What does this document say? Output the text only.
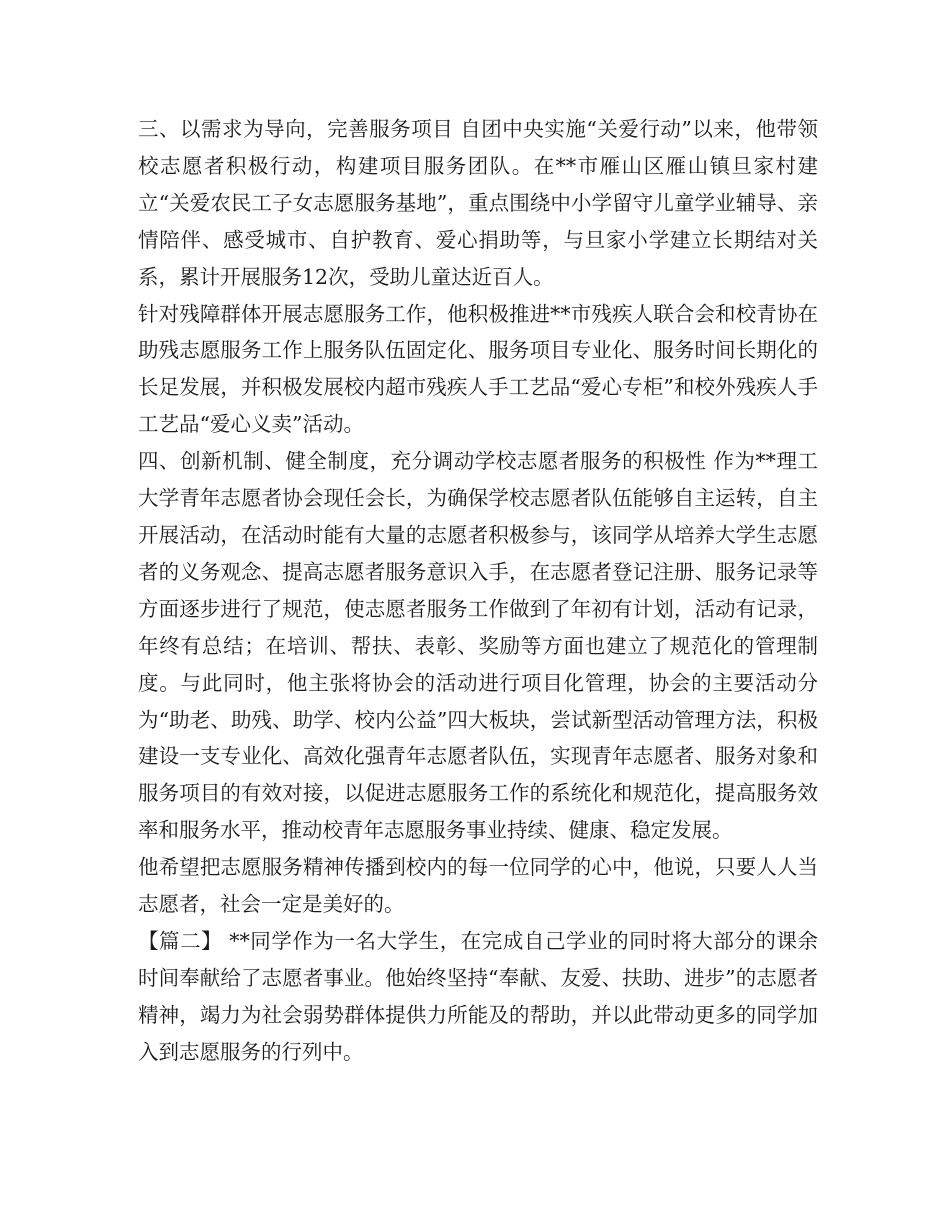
三、以需求为导向，完善服务项目 自团中央实施“关爱行动”以来，他带领校志愿者积极行动，构建项目服务团队。在**市雁山区雁山镇旦家村建立“关爱农民工子女志愿服务基地”，重点围绕中小学留守儿童学业辅导、亲情陪伴、感受城市、自护教育、爱心捐助等，与旦家小学建立长期结对关系，累计开展服务12次，受助儿童达近百人。

针对残障群体开展志愿服务工作，他积极推进**市残疾人联合会和校青协在助残志愿服务工作上服务队伍固定化、服务项目专业化、服务时间长期化的长足发展，并积极发展校内超市残疾人手工艺品“爱心专柜”和校外残疾人手工艺品“爱心义卖”活动。

四、创新机制、健全制度，充分调动学校志愿者服务的积极性 作为**理工大学青年志愿者协会现任会长，为确保学校志愿者队伍能够自主运转，自主开展活动，在活动时能有大量的志愿者积极参与，该同学从培养大学生志愿者的义务观念、提高志愿者服务意识入手，在志愿者登记注册、服务记录等方面逐步进行了规范，使志愿者服务工作做到了年初有计划，活动有记录，年终有总结；在培训、帮扶、表彰、奖励等方面也建立了规范化的管理制度。与此同时，他主张将协会的活动进行项目化管理，协会的主要活动分为“助老、助残、助学、校内公益”四大板块，尝试新型活动管理方法，积极建设一支专业化、高效化强青年志愿者队伍，实现青年志愿者、服务对象和服务项目的有效对接，以促进志愿服务工作的系统化和规范化，提高服务效率和服务水平，推动校青年志愿服务事业持续、健康、稳定发展。

他希望把志愿服务精神传播到校内的每一位同学的心中，他说，只要人人当志愿者，社会一定是美好的。

【篇二】 **同学作为一名大学生，在完成自己学业的同时将大部分的课余时间奉献给了志愿者事业。他始终坚持“奉献、友爱、扶助、进步”的志愿者精神，竭力为社会弱势群体提供力所能及的帮助，并以此带动更多的同学加入到志愿服务的行列中。
